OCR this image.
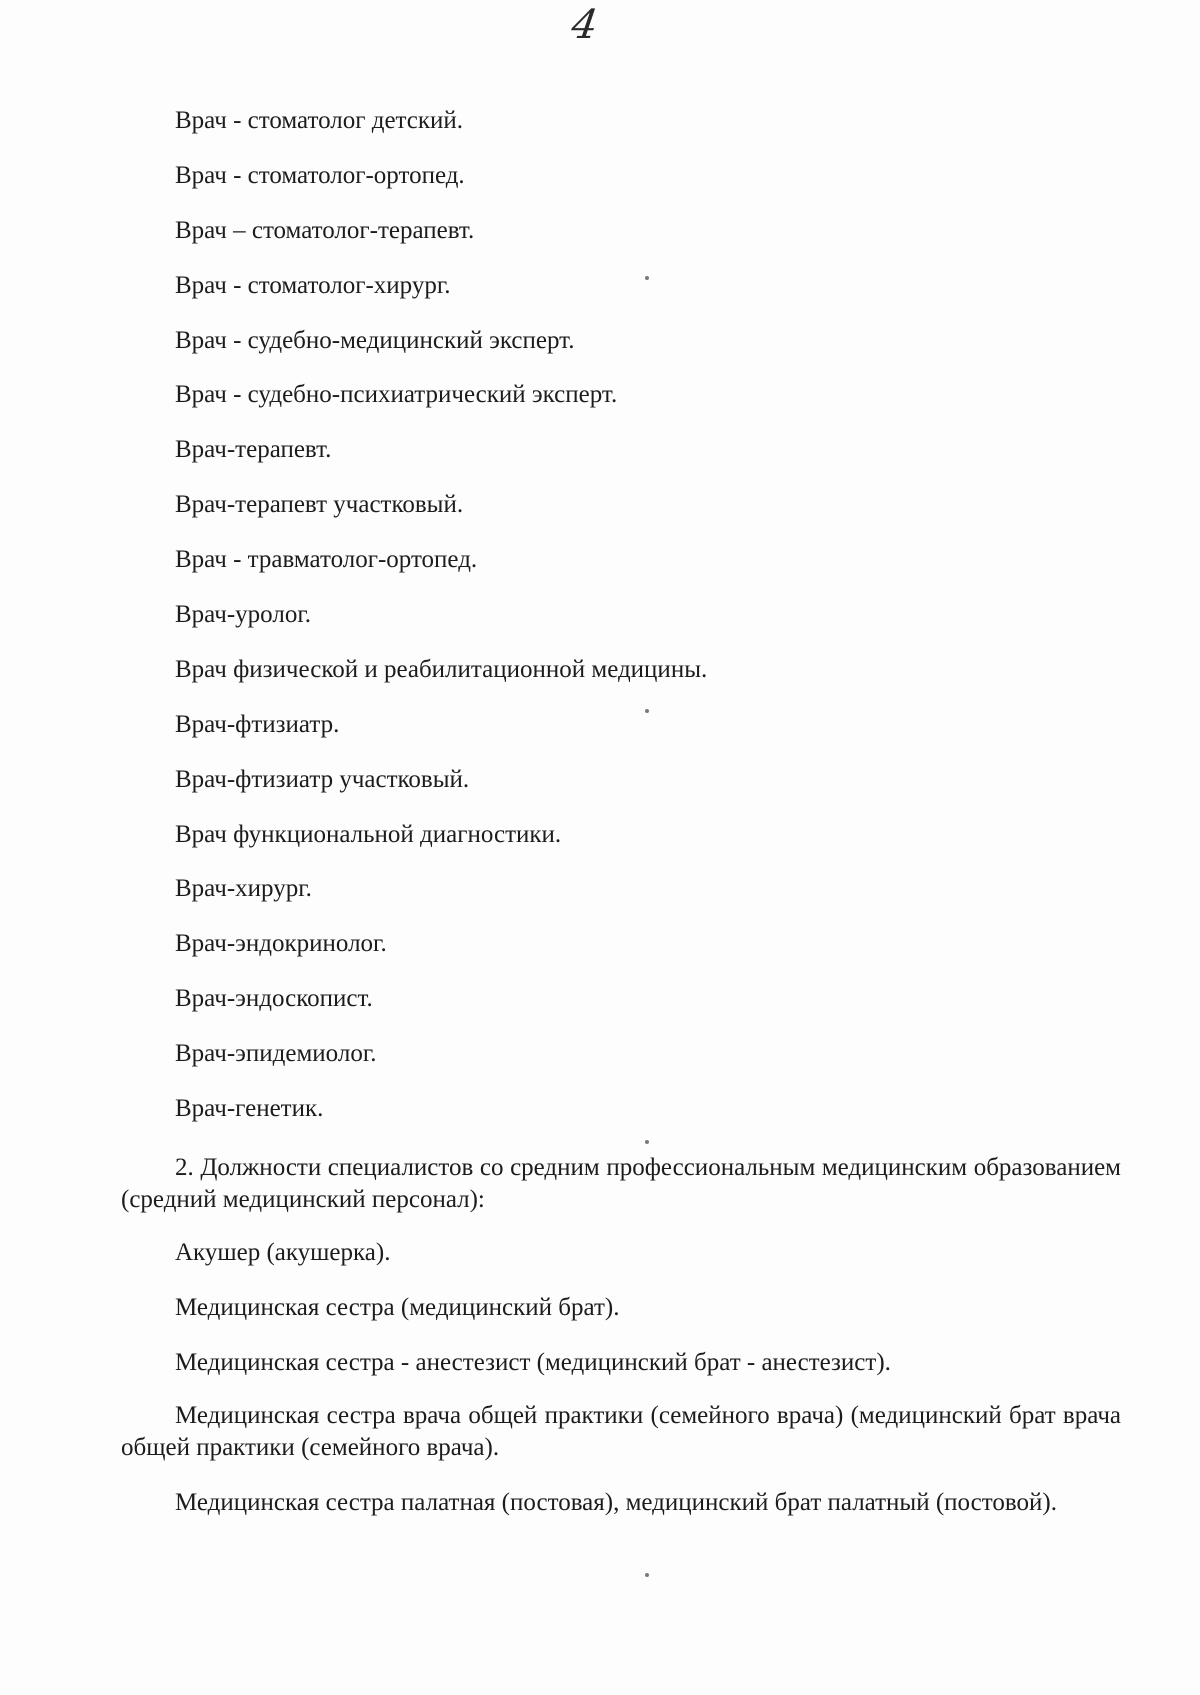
4
Врач - стоматолог детский.
Врач - стоматолог-ортопед.
Врач – стоматолог-терапевт.
Врач - стоматолог-хирург.
Врач - судебно-медицинский эксперт.
Врач - судебно-психиатрический эксперт.
Врач-терапевт.
Врач-терапевт участковый.
Врач - травматолог-ортопед.
Врач-уролог.
Врач физической и реабилитационной медицины.
Врач-фтизиатр.
Врач-фтизиатр участковый.
Врач функциональной диагностики.
Врач-хирург.
Врач-эндокринолог.
Врач-эндоскопист.
Врач-эпидемиолог.
Врач-генетик.

2. Должности специалистов со средним профессиональным медицинским образованием (средний медицинский персонал):

Акушер (акушерка).

Медицинская сестра (медицинский брат).

Медицинская сестра - анестезист (медицинский брат - анестезист).

Медицинская сестра врача общей практики (семейного врача) (медицинский брат врача общей практики (семейного врача).

Медицинская сестра палатная (постовая), медицинский брат палатный (постовой).
